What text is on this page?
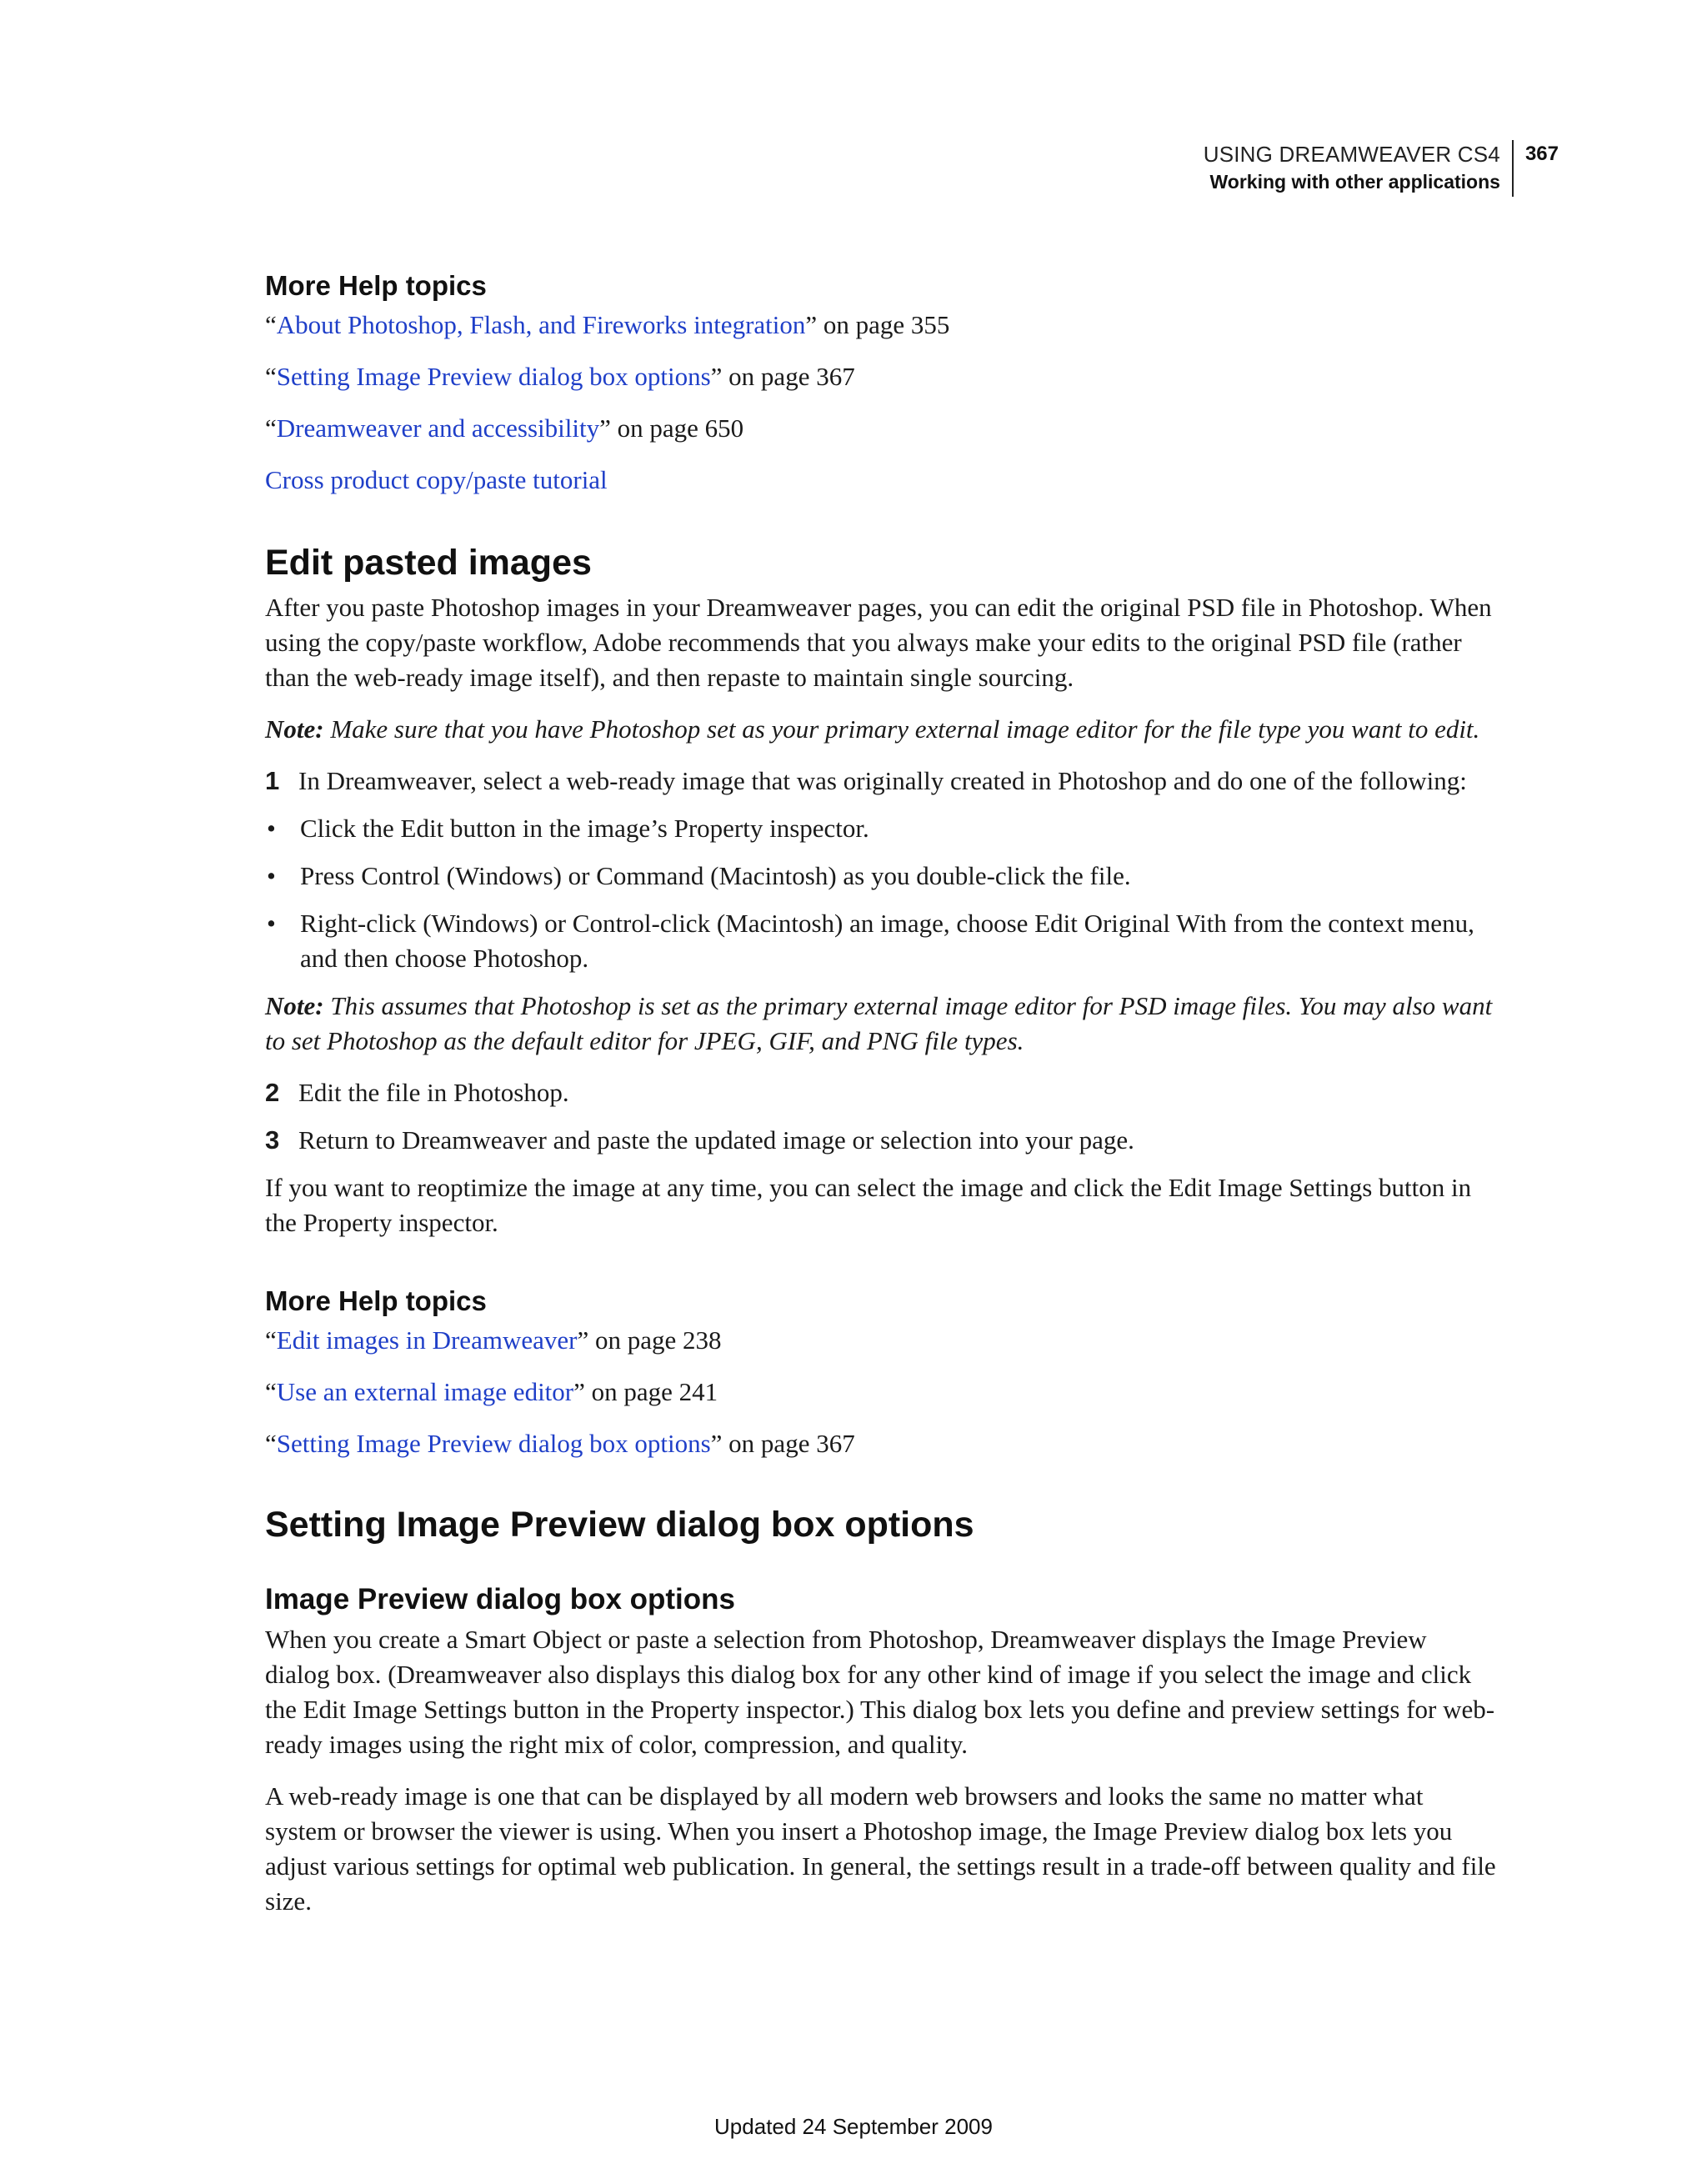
USING DREAMWEAVER CS4
Working with other applications
367
More Help topics
“About Photoshop, Flash, and Fireworks integration” on page 355
“Setting Image Preview dialog box options” on page 367
“Dreamweaver and accessibility” on page 650
Cross product copy/paste tutorial
Edit pasted images

After you paste Photoshop images in your Dreamweaver pages, you can edit the original PSD file in Photoshop. When using the copy/paste workflow, Adobe recommends that you always make your edits to the original PSD file (rather than the web-ready image itself), and then repaste to maintain single sourcing.

Note: Make sure that you have Photoshop set as your primary external image editor for the file type you want to edit.

1 In Dreamweaver, select a web-ready image that was originally created in Photoshop and do one of the following:
• Click the Edit button in the image’s Property inspector.
• Press Control (Windows) or Command (Macintosh) as you double-click the file.
• Right-click (Windows) or Control-click (Macintosh) an image, choose Edit Original With from the context menu, and then choose Photoshop.

Note: This assumes that Photoshop is set as the primary external image editor for PSD image files. You may also want to set Photoshop as the default editor for JPEG, GIF, and PNG file types.

2 Edit the file in Photoshop.
3 Return to Dreamweaver and paste the updated image or selection into your page.

If you want to reoptimize the image at any time, you can select the image and click the Edit Image Settings button in the Property inspector.

More Help topics
“Edit images in Dreamweaver” on page 238
“Use an external image editor” on page 241
“Setting Image Preview dialog box options” on page 367
Setting Image Preview dialog box options
Image Preview dialog box options

When you create a Smart Object or paste a selection from Photoshop, Dreamweaver displays the Image Preview dialog box. (Dreamweaver also displays this dialog box for any other kind of image if you select the image and click the Edit Image Settings button in the Property inspector.) This dialog box lets you define and preview settings for web-ready images using the right mix of color, compression, and quality.

A web-ready image is one that can be displayed by all modern web browsers and looks the same no matter what system or browser the viewer is using. When you insert a Photoshop image, the Image Preview dialog box lets you adjust various settings for optimal web publication. In general, the settings result in a trade-off between quality and file size.

Updated 24 September 2009
